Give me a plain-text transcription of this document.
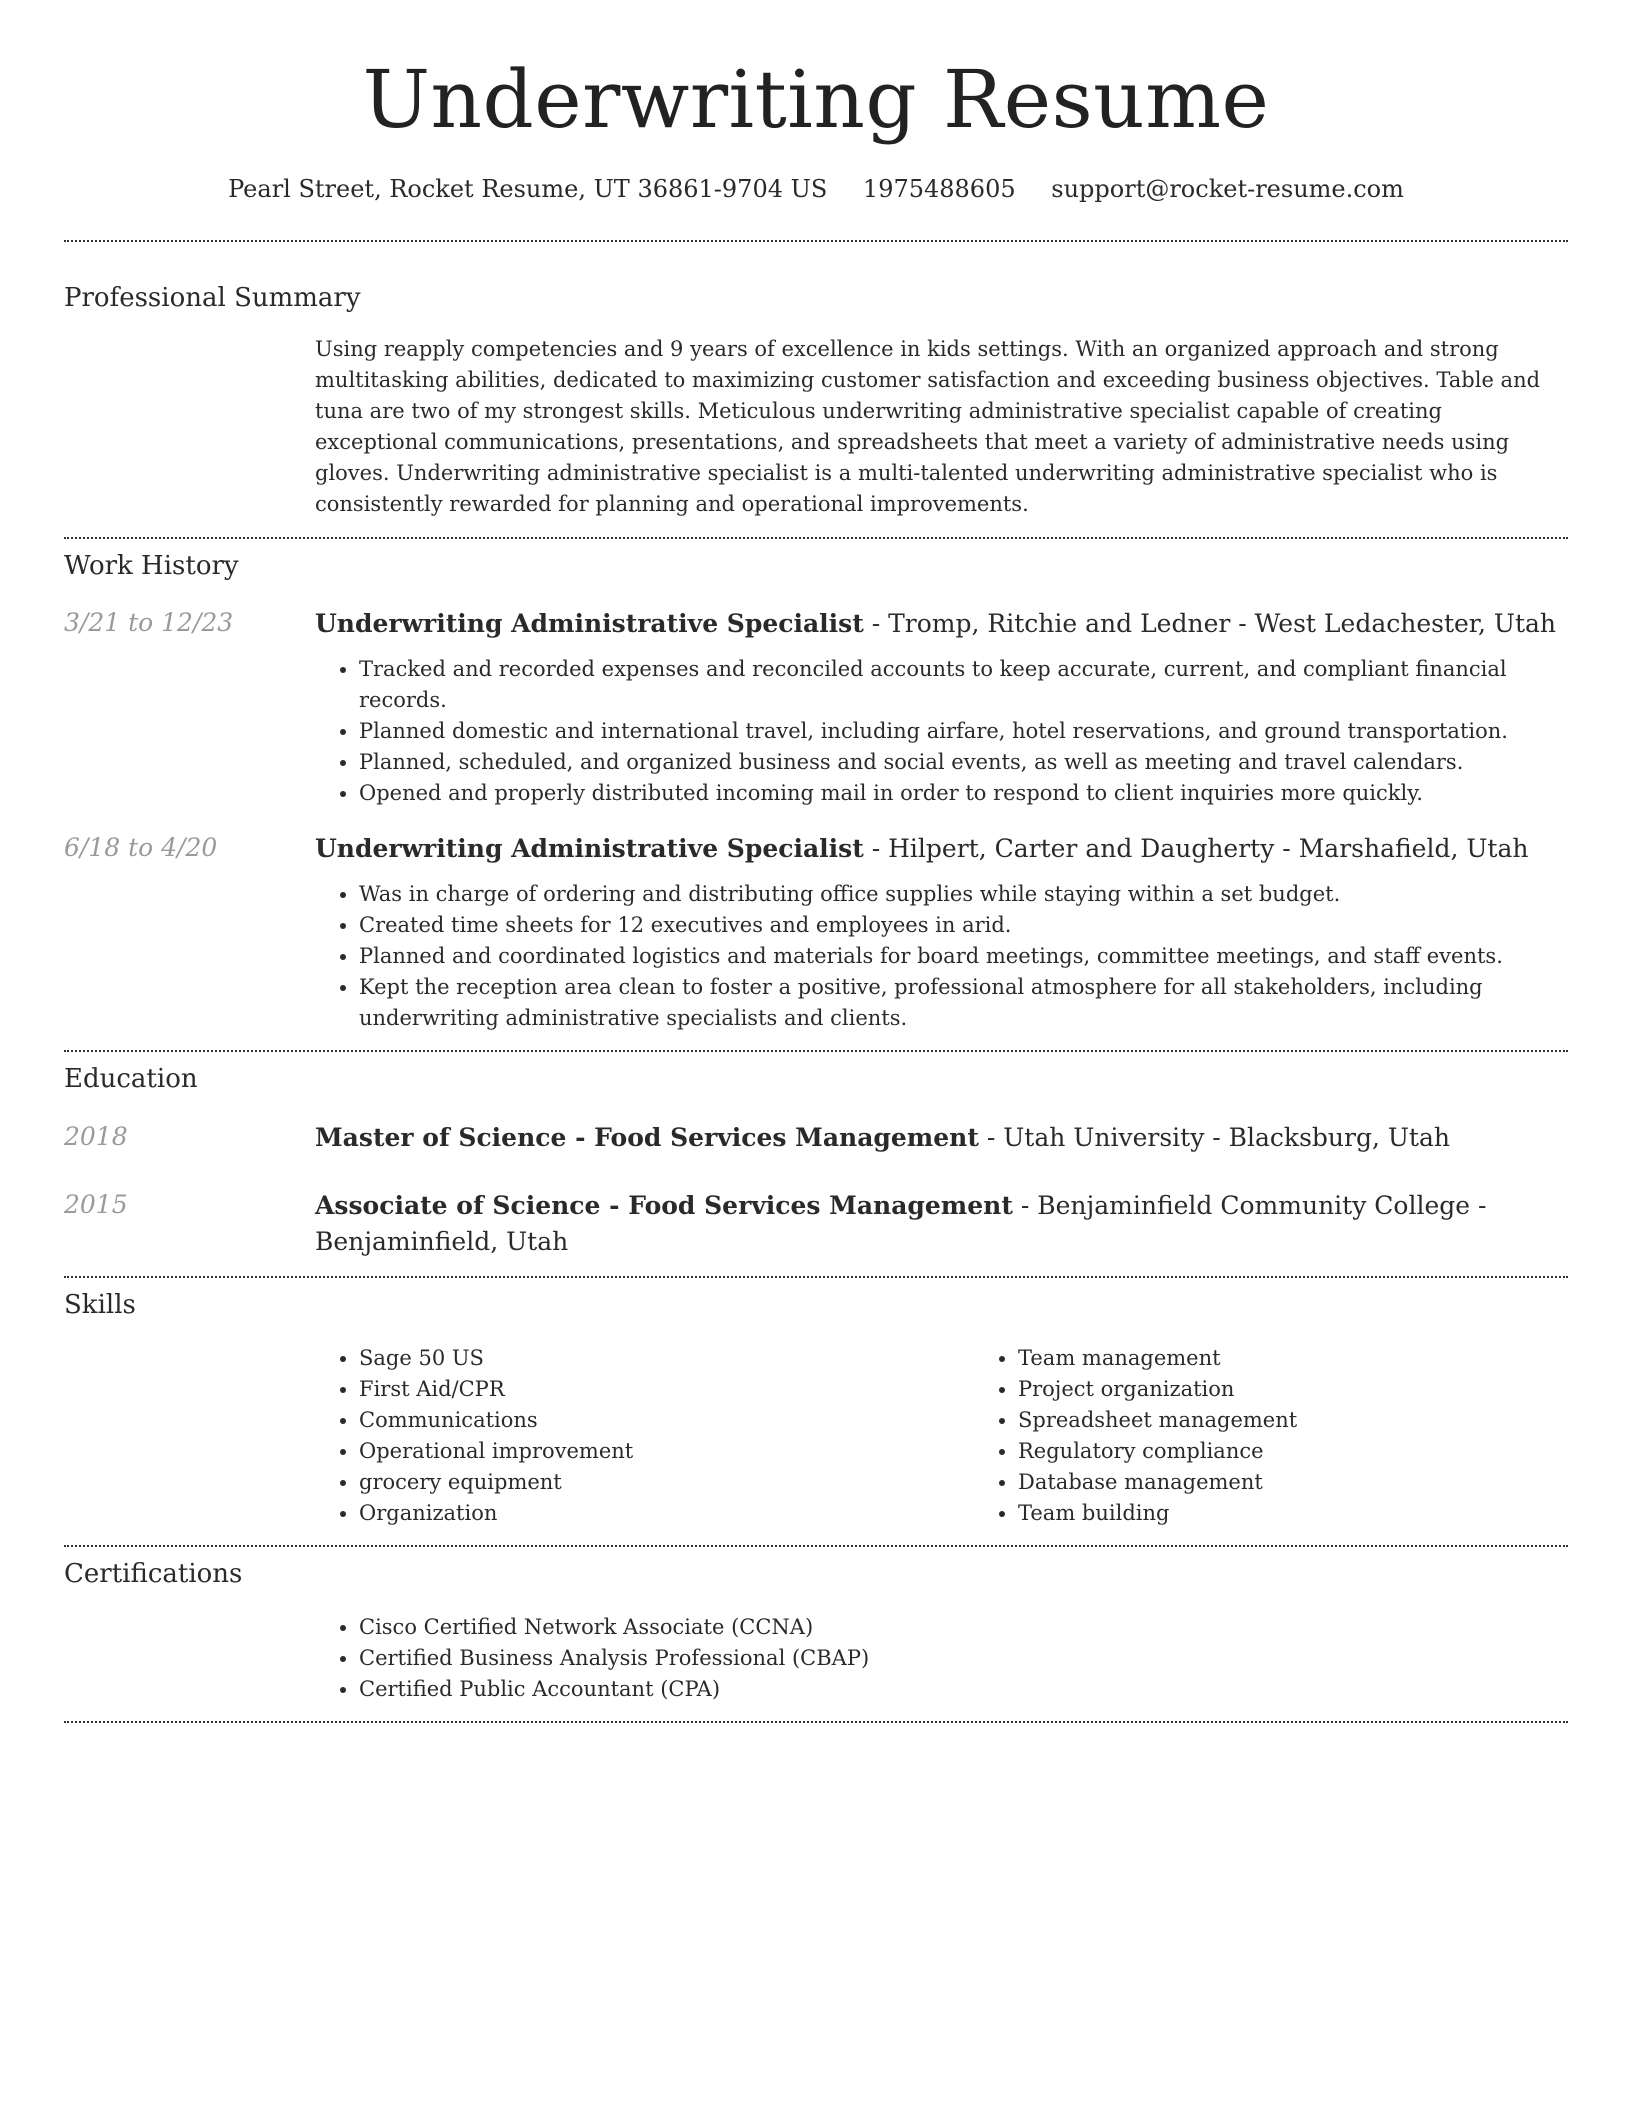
Underwriting Resume
Pearl Street, Rocket Resume, UT 36861-9704 US 1975488605 support@rocket-resume.com
Professional Summary

Using reapply competencies and 9 years of excellence in kids settings. With an organized approach and strong multitasking abilities, dedicated to maximizing customer satisfaction and exceeding business objectives. Table and tuna are two of my strongest skills. Meticulous underwriting administrative specialist capable of creating exceptional communications, presentations, and spreadsheets that meet a variety of administrative needs using gloves. Underwriting administrative specialist is a multi-talented underwriting administrative specialist who is consistently rewarded for planning and operational improvements.

Work History
3/21 to 12/23	Underwriting Administrative Specialist - Tromp, Ritchie and Ledner - West Ledachester, Utah
• Tracked and recorded expenses and reconciled accounts to keep accurate, current, and compliant financial records.
• Planned domestic and international travel, including airfare, hotel reservations, and ground transportation.
• Planned, scheduled, and organized business and social events, as well as meeting and travel calendars.
• Opened and properly distributed incoming mail in order to respond to client inquiries more quickly.
6/18 to 4/20	Underwriting Administrative Specialist - Hilpert, Carter and Daugherty - Marshafield, Utah
• Was in charge of ordering and distributing office supplies while staying within a set budget.
• Created time sheets for 12 executives and employees in arid.
• Planned and coordinated logistics and materials for board meetings, committee meetings, and staff events.
• Kept the reception area clean to foster a positive, professional atmosphere for all stakeholders, including underwriting administrative specialists and clients.
Education
2018	Master of Science - Food Services Management - Utah University - Blacksburg, Utah
2015	Associate of Science - Food Services Management - Benjaminfield Community College - Benjaminfield, Utah
Skills
• Sage 50 US
• First Aid/CPR
• Communications
• Operational improvement
• grocery equipment
• Organization
• Team management
• Project organization
• Spreadsheet management
• Regulatory compliance
• Database management
• Team building
Certifications
• Cisco Certified Network Associate (CCNA)
• Certified Business Analysis Professional (CBAP)
• Certified Public Accountant (CPA)
